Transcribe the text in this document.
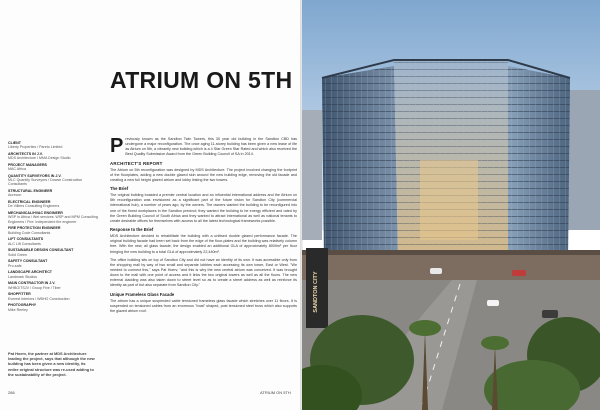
ATRIUM ON 5TH
CLIENT
Liberty Properties / Pareto Limited
ARCHITECTS IN J.V.
MDS Architecture / MMA Design Studio
PROJECT MANAGERS
MAC Africa
QUANTITY SURVEYORS IN J.V.
MLC Quantity Surveyors / Dowse Construction Consultants
STRUCTURAL ENGINEER
Aurecon
ELECTRICAL ENGINEER
De Villiers Consulting Engineers
MECHANICAL/HVAC ENGINEER
WSP in Africa / Wet services: WSP and MPM Consulting Engineers / Fire: Independent fire engineer
FIRE PROTECTION ENGINEER
Building Code Consultants
LIFT CONSULTANTS
ALC Lift Consultants
SUSTAINABLE DESIGN CONSULTANT
Solid Green
SAFETY CONSULTANT
Pro-safe
LANDSCAPE ARCHITECT
Landmark Studios
MAIN CONTRACTOR IN J.V.
WHBO/TSJV / Group Five / Tiber
SHOPFITTER
Everest Interiors / WBHO Construction
PHOTOGRAPHY
Mike Reeley

Pat Hoerv, the partner at MDS Architecture leading the project, says that although the new building has been given a new identity, its entire original structure was re-used adding to the sustainability of the project.

Previously known as the Sandton Twin Towers, this 30 year old building in the Sandton CBD has undergone a major reconfiguration. The once aging 11-storey building has been given a new lease of life as Atrium on 5th, a vibrantly new building which is a 4 Star Green Star Rated and which also received the Best Quality Submission Award from the Green Building Council of SA in 2014.

ARCHITECT'S REPORT

The Atrium on 5th reconfiguration was designed by MDS Architecture. The project involved changing the footprint of the floorplates, adding a new double glazed skin around the new building edge, removing the old facade and creating a new full height glazed atrium and lobby linking the two towers.

The Brief

The original building boasted a premier central location and an influential international address and the Atrium on 5th reconfiguration was envisioned as a significant part of the future vision for Sandton City (commercial international hub), a number of years ago, by the owners. The owners wanted the building to be reconfigured into one of the finest workplaces in the Sandton precinct; they wanted the building to be energy efficient and rated by the Green Building Council of South Africa and they wanted to attract international as well as national tenants to create desirable offices for themselves with access to all the latest technological frameworks possible.

Response to the Brief

MDS Architecture decided to rehabilitate the building with a unitised double glazed performance facade. The original building facade had been set back from the edge of the floor-plates and the building was relatively column free. With the new, all glass facade, the design enabled an additional GLA of approximately 8000m² per floor bringing the new building to a total GLA of approximately 22,440m².

The office building sits on top of Sandton City and did not have an identity of its own. It was accessible only from the shopping mall by way of two small and separate lobbies each accessing its own tower, East or West. "We needed to connect this," says Pat Hoerv, "and this is why the new central atrium was conceived. It was brought down to the mall with one point of access and it links the two original towers as well as all the floors. The new external cladding was also taken down to street level so as to create a street address as well as reinforce its identity as part of but also separate from Sandton City."

Unique Frameless Glass Facade

The atrium has a unique suspended cable tensioned frameless glass facade which stretches over 11 floors. It is suspended on tensioned cables from an enormous "boat" shaped, post tensioned steel truss which also supports the glazed atrium roof.

286	ATRIUM ON 5TH
SANDTON CITY
